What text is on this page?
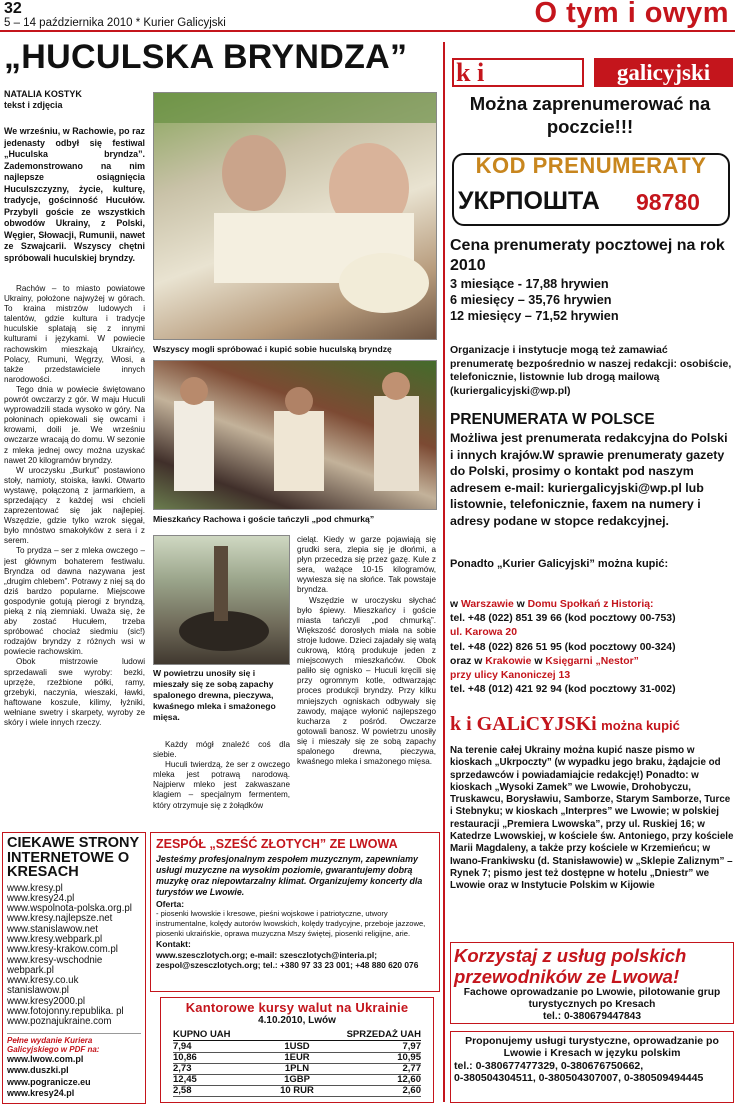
32
5 – 14 października 2010 * Kurier Galicyjski	O tym i owym
„HUCULSKA BRYNDZA”
NATALIA KOSTYK
tekst i zdjęcia
We wrześniu, w Rachowie, po raz jedenasty odbył się festiwal „Huculska bryndza”. Zademonstrowano na nim najlepsze osiągnięcia Huculszczyzny, życie, kulturę, tradycje, gościnność Hucułów. Przybyli goście ze wszystkich obwodów Ukrainy, z Polski, Węgier, Słowacji, Rumunii, nawet ze Szwajcarii. Wszyscy chętni spróbowali huculskiej bryndzy.

Rachów – to miasto powiatowe Ukrainy, położone najwyżej w górach. To kraina mistrzów ludowych i talentów, gdzie kultura i tradycje huculskie splatają się z innymi kulturami i językami. W powiecie rachowskim mieszkają Ukraińcy, Polacy, Rumuni, Węgrzy, Włosi, a także przedstawiciele innych narodowości.

Tego dnia w powiecie świętowano powrót owczarzy z gór. W maju Huculi wyprowadzili stada wysoko w góry. Na połoninach opiekowali się owcami i krowami, doili je. We wrześniu owczarze wracają do domu. W sezonie z mleka jednej owcy można uzyskać nawet 20 kilogramów bryndzy.

W uroczysku „Burkut” postawiono stoły, namioty, stoiska, ławki. Otwarto wystawę, połączoną z jarmarkiem, a sprzedający z każdej wsi chcieli zaprezentować się jak najlepiej. Wszędzie, gdzie tylko wzrok sięgał, było mnóstwo smakołyków z sera i z serem.

To prydza – ser z mleka owczego – jest głównym bohaterem festiwalu. Bryndza od dawna nazywana jest „drugim chlebem”. Potrawy z niej są do dziś bardzo popularne. Miejscowe gospodynie gotują pierogi z bryndzą, pieką z nią ziemniaki. Uważa się, że aby zostać Hucułem, trzeba spróbować chociaż siedmiu (sic!) rodzajów bryndzy z różnych wsi w powiecie rachowskim.

Obok mistrzowie ludowi sprzedawali swe wyroby: bezki, uprzęże, rzeźbione półki, ramy, grzebyki, naczynia, wieszaki, ławki, haftowane koszule, kilimy, łyżniki, wełniane swetry i skarpety, wyroby ze skóry i wiele innych rzeczy.

Wszyscy mogli spróbować i kupić sobie huculską bryndzę
Mieszkańcy Rachowa i goście tańczyli „pod chmurką”
W powietrzu unosiły się i mieszały się ze sobą zapachy spalonego drewna, pieczywa, kwaśnego mleka i smażonego mięsa.

Każdy mógł znaleźć coś dla siebie.

Huculi twierdzą, że ser z owczego mleka jest potrawą narodową. Najpierw mleko jest zakwaszane klagiem – specjalnym fermentem, który otrzymuje się z żołądków

cieląt. Kiedy w garze pojawiają się grudki sera, zlepia się je dłońmi, a płyn przecedza się przez gazę. Kule z sera, ważące 10-15 kilogramów, wywiesza się na słońce. Tak powstaje bryndza.

Wszędzie w uroczysku słychać było śpiewy. Mieszkańcy i goście miasta tańczyli „pod chmurką”. Większość dorosłych miała na sobie stroje ludowe. Dzieci zajadały się watą cukrową, którą produkuje jeden z miejscowych mieszkańców. Obok paliło się ognisko – Huculi kręcili się przy ogromnym kotle, odtwarzając proces produkcji bryndzy. Przy kilku mniejszych ogniskach odbywały się zawody, mające wyłonić najlepszego kucharza z pośród. Owczarze gotowali banosz. W powietrzu unosiły się i mieszały się ze sobą zapachy spalonego drewna, pieczywa, kwaśnego mleka i smażonego mięsa.

CIEKAWE STRONY INTERNETOWE O KRESACH
www.kresy.pl
www.kresy24.pl
www.wspolnota-polska.org.pl
www.kresy.najlepsze.net
www.stanislawow.net
www.kresy.webpark.pl
www.kresy-krakow.com.pl
www.kresy-wschodnie webpark.pl
www.kresy.co.uk stanislawow.pl
www.kresy2000.pl
www.fotojonny.republika. pl
www.poznajukraine.com
Pełne wydanie Kuriera Galicyjskiego w PDF na:
www.lwow.com.pl
www.duszki.pl
www.pogranicze.eu
www.kresy24.pl
ZESPÓŁ „SZEŚĆ ZŁOTYCH” ZE LWOWA
Jesteśmy profesjonalnym zespołem muzycznym, zapewniamy usługi muzyczne na wysokim poziomie, gwarantujemy dobrą muzykę oraz niepowtarzalny klimat. Organizujemy koncerty dla turystów we Lwowie.
Oferta:
- piosenki lwowskie i kresowe, pieśni wojskowe i patriotyczne, utwory instrumentalne, kolędy autorów lwowskich, kolędy tradycyjne, przeboje jazzowe, piosenki ukraińskie, oprawa muzyczna Mszy świętej, piosenki religijne, arie.
Kontakt:
www.szesczlotych.org; e-mail: szesczlotych@interia.pl; zespol@szesczlotych.org; tel.: +380 97 33 23 001; +48 880 620 076
Kantorowe kursy walut na Ukrainie
4.10.2010, Lwów
KUPNO UAH	SPRZEDAŻ UAH
7,94	1USD	7,97
10,86	1EUR	10,95
2,73	1PLN	2,77
12,45	1GBP	12,60
2,58	10 RUR	2,60
k i	galicyjski
Można zaprenumerować na poczcie!!!
KOD PRENUMERATY
УКРПОШТА 98780
Cena prenumeraty pocztowej na rok 2010
3 miesiące - 17,88 hrywien
6 miesięcy – 35,76 hrywien
12 miesięcy – 71,52 hrywien
Organizacje i instytucje mogą też zamawiać prenumeratę bezpośrednio w naszej redakcji: osobiście, telefonicznie, listownie lub drogą mailową (kuriergalicyjski@wp.pl)
PRENUMERATA W POLSCE
Możliwa jest prenumerata redakcyjna do Polski i innych krajów.W sprawie prenumeraty gazety do Polski, prosimy o kontakt pod naszym adresem e-mail: kuriergalicyjski@wp.pl lub listownie, telefonicznie, faxem na numery i adresy podane w stopce redakcyjnej.
Ponadto „Kurier Galicyjski” można kupić:
w Warszawie w Domu Społkań z Historią:
tel. +48 (022) 851 39 66 (kod pocztowy 00-753)
ul. Karowa 20
tel. +48 (022) 826 51 95 (kod pocztowy 00-324)
oraz w Krakowie w Księgarni „Nestor”
przy ulicy Kanoniczej 13
tel. +48 (012) 421 92 94 (kod pocztowy 31-002)
k i GALiCYJSKi można kupić
Na terenie całej Ukrainy można kupić nasze pismo w kioskach „Ukrpoczty” (w wypadku jego braku, żądajcie od sprzedawców i powiadamiajcie redakcję!) Ponadto: w kioskach „Wysoki Zamek” we Lwowie, Drohobyczu, Truskawcu, Borysławiu, Samborze, Starym Samborze, Turce i Stebnyku; w kioskach „Interpres” we Lwowie; w polskiej restauracji „Premiera Lwowska”, przy ul. Ruskiej 16; w Katedrze Lwowskiej, w kościele św. Antoniego, przy kościele Marii Magdaleny, a także przy kościele w Krzemieńcu; w Iwano-Frankiwsku (d. Stanisławowie) w „Sklepie Zaliznym” – Rynek 7; pismo jest też dostępne w hotelu „Dniestr” we Lwowie oraz w Instytucie Polskim w Kijowie
Korzystaj z usług polskich przewodników ze Lwowa!
Fachowe oprowadzanie po Lwowie, pilotowanie grup turystycznych po Kresach
tel.: 0-380679447843
Proponujemy usługi turystyczne, oprowadzanie po Lwowie i Kresach w języku polskim
tel.: 0-380677477329, 0-380676750662,
0-380504304511, 0-380504307007, 0-380509494445
